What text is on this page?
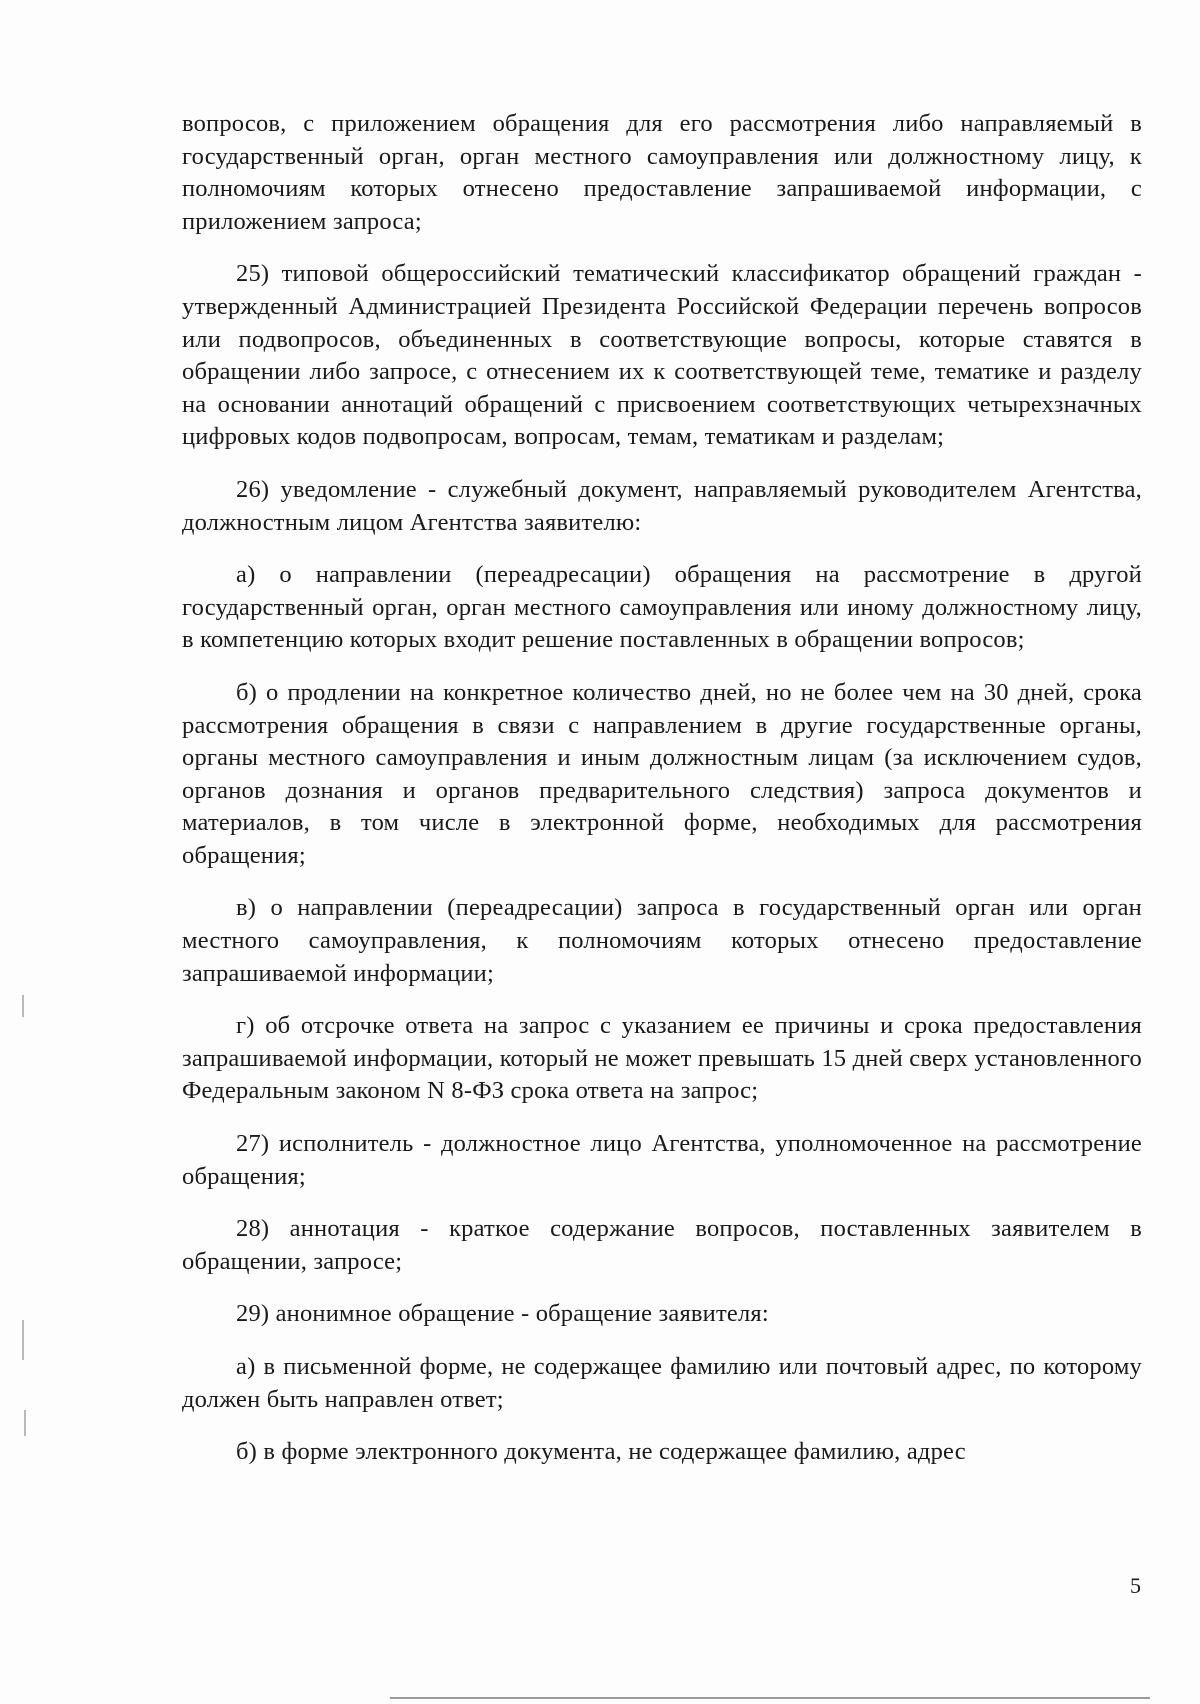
вопросов, с приложением обращения для его рассмотрения либо направляемый в государственный орган, орган местного самоуправления или должностному лицу, к полномочиям которых отнесено предоставление запрашиваемой информации, с приложением запроса;

25) типовой общероссийский тематический классификатор обращений граждан - утвержденный Администрацией Президента Российской Федерации перечень вопросов или подвопросов, объединенных в соответствующие вопросы, которые ставятся в обращении либо запросе, с отнесением их к соответствующей теме, тематике и разделу на основании аннотаций обращений с присвоением соответствующих четырехзначных цифровых кодов подвопросам, вопросам, темам, тематикам и разделам;

26) уведомление - служебный документ, направляемый руководителем Агентства, должностным лицом Агентства заявителю:

а) о направлении (переадресации) обращения на рассмотрение в другой государственный орган, орган местного самоуправления или иному должностному лицу, в компетенцию которых входит решение поставленных в обращении вопросов;

б) о продлении на конкретное количество дней, но не более чем на 30 дней, срока рассмотрения обращения в связи с направлением в другие государственные органы, органы местного самоуправления и иным должностным лицам (за исключением судов, органов дознания и органов предварительного следствия) запроса документов и материалов, в том числе в электронной форме, необходимых для рассмотрения обращения;

в) о направлении (переадресации) запроса в государственный орган или орган местного самоуправления, к полномочиям которых отнесено предоставление запрашиваемой информации;

г) об отсрочке ответа на запрос с указанием ее причины и срока предоставления запрашиваемой информации, который не может превышать 15 дней сверх установленного Федеральным законом N 8-ФЗ срока ответа на запрос;

27) исполнитель - должностное лицо Агентства, уполномоченное на рассмотрение обращения;

28) аннотация - краткое содержание вопросов, поставленных заявителем в обращении, запросе;

29) анонимное обращение - обращение заявителя:

а) в письменной форме, не содержащее фамилию или почтовый адрес, по которому должен быть направлен ответ;

б) в форме электронного документа, не содержащее фамилию, адрес

5
